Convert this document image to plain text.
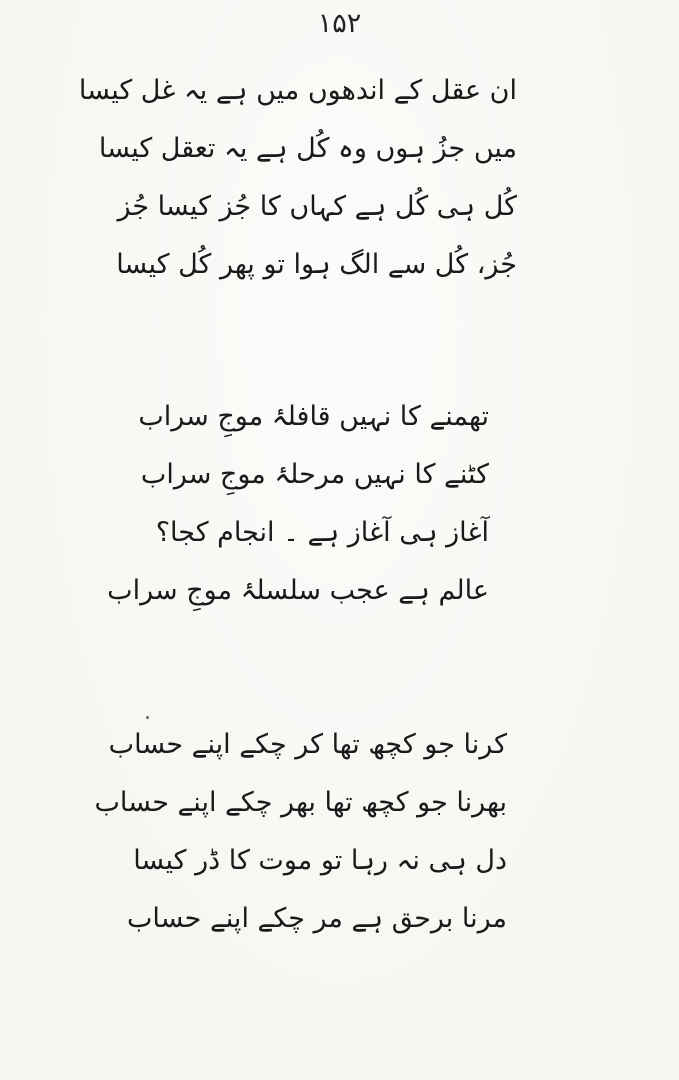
۱۵۲
ان عقل کے اندھوں میں ہے یہ غل کیسا
میں جزُ ہوں وہ کُل ہے یہ تعقل کیسا
کُل ہی کُل ہے کہاں کا جُز کیسا جُز
جُز، کُل سے الگ ہوا تو پھر کُل کیسا
تھمنے کا نہیں قافلۂ موجِ سراب
کٹنے کا نہیں مرحلۂ موجِ سراب
آغاز ہی آغاز ہے ۔ انجام کجا؟
عالم ہے عجب سلسلۂ موجِ سراب
کرنا جو کچھ تھا کر چکے اپنے حساب
بھرنا جو کچھ تھا بھر چکے اپنے حساب
دل ہی نہ رہا تو موت کا ڈر کیسا
مرنا برحق ہے مر چکے اپنے حساب
